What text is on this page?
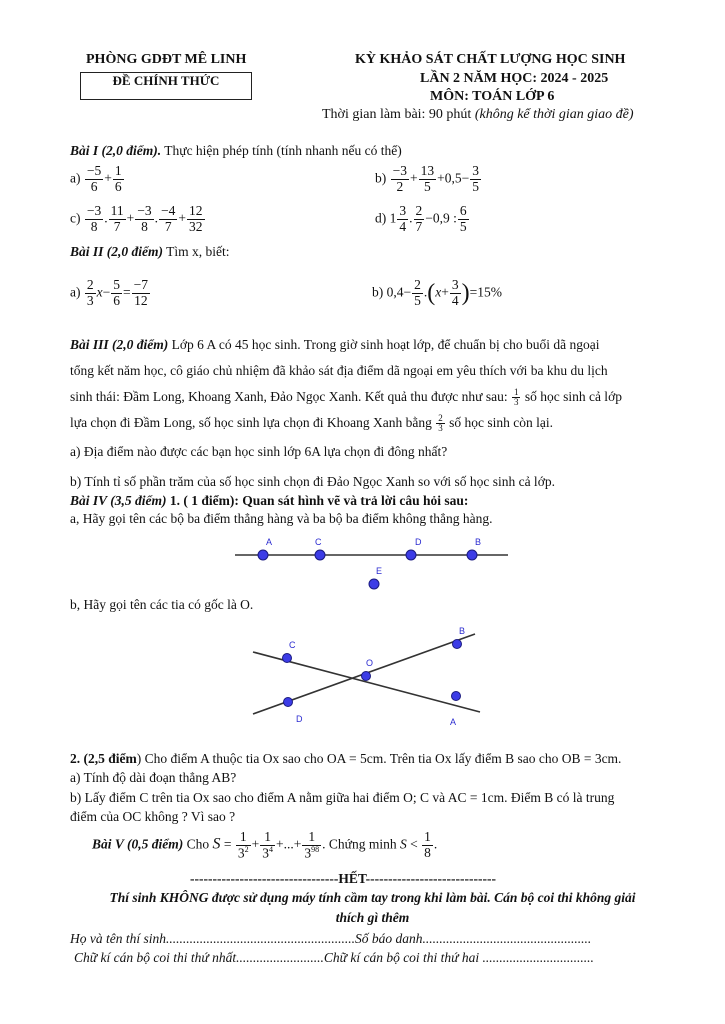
PHÒNG GDĐT MÊ LINH
ĐỀ CHÍNH THỨC
KỲ KHẢO SÁT CHẤT LƯỢNG HỌC SINH
LẦN 2 NĂM HỌC: 2024 - 2025
MÔN: TOÁN LỚP 6
Thời gian làm bài: 90 phút (không kể thời gian giao đề)
Bài I (2,0 điểm). Thực hiện phép tính (tính nhanh nếu có thể)
$a) \frac{-5}{6} + \frac{1}{6}$	$b) \frac{-3}{2} + \frac{13}{5} +0,5- \frac{3}{5}$
$c) \frac{-3}{8}$ . $\frac{11}{7} + \frac{-3}{8}$ . $\frac{-4}{7} + \frac{12}{32}$	d) $1 \frac{3}{4}$ . $\frac{2}{7} -0,9$ : $\frac{6}{5}$
Bài II (2,0 điểm) Tìm x, biết:
$a) \frac{2}{3} x- \frac{5}{6} = \frac{-7}{12}$	b) $0,4- \frac{2}{5} .(x+ \frac{3}{4} )=15\%$
Bài III (2,0 điểm) Lớp 6 A có 45 học sinh. Trong giờ sinh hoạt lớp, để chuẩn bị cho buổi dã ngoại
tổng kết năm học, cô giáo chủ nhiệm đã khảo sát địa điểm dã ngoại em yêu thích với ba khu du lịch
sinh thái: Đầm Long, Khoang Xanh, Đảo Ngọc Xanh. Kết quả thu được như sau: $\frac{1}{3}$ số học sinh cả lớp
lựa chọn đi Đầm Long, số học sinh lựa chọn đi Khoang Xanh bằng $\frac{2}{3}$ số học sinh còn lại.
a) Địa điểm nào được các bạn học sinh lớp 6A lựa chọn đi đông nhất?
b) Tính tỉ số phần trăm của số học sinh chọn đi Đảo Ngọc Xanh so với số học sinh cả lớp.
Bài IV (3,5 điểm) 1. ( 1 điểm): Quan sát hình vẽ và trả lời câu hỏi sau:
a, Hãy gọi tên các bộ ba điểm thẳng hàng và ba bộ ba điểm không thẳng hàng.
A	C	D	B
E
b, Hãy gọi tên các tia có gốc là O.
C
B
O
D	A
2. (2,5 điểm) Cho điểm A thuộc tia Ox sao cho OA = 5cm. Trên tia Ox lấy điểm B sao cho OB = 3cm.
a) Tính độ dài đoạn thẳng AB?
b) Lấy điểm C trên tia Ox sao cho điểm A nằm giữa hai điểm O; C và AC = 1cm. Điểm B có là trung
điểm của OC không ? Vì sao ?
Bài V (0,5 điểm) Cho $S = \frac{1}{3^2} + \frac{1}{3^4}$ +...+ $\frac{1}{3^{98}}$ . Chứng minh $S < \frac{1}{8}$ .
---------------------------------HẾT-----------------------------
Thí sinh KHÔNG được sử dụng máy tính cầm tay trong khi làm bài. Cán bộ coi thi không giải
thích gì thêm
Họ và tên thí sinh........................................................Số báo danh..................................................
Chữ kí cán bộ coi thi thứ nhất..........................Chữ kí cán bộ coi thi thứ hai .................................
